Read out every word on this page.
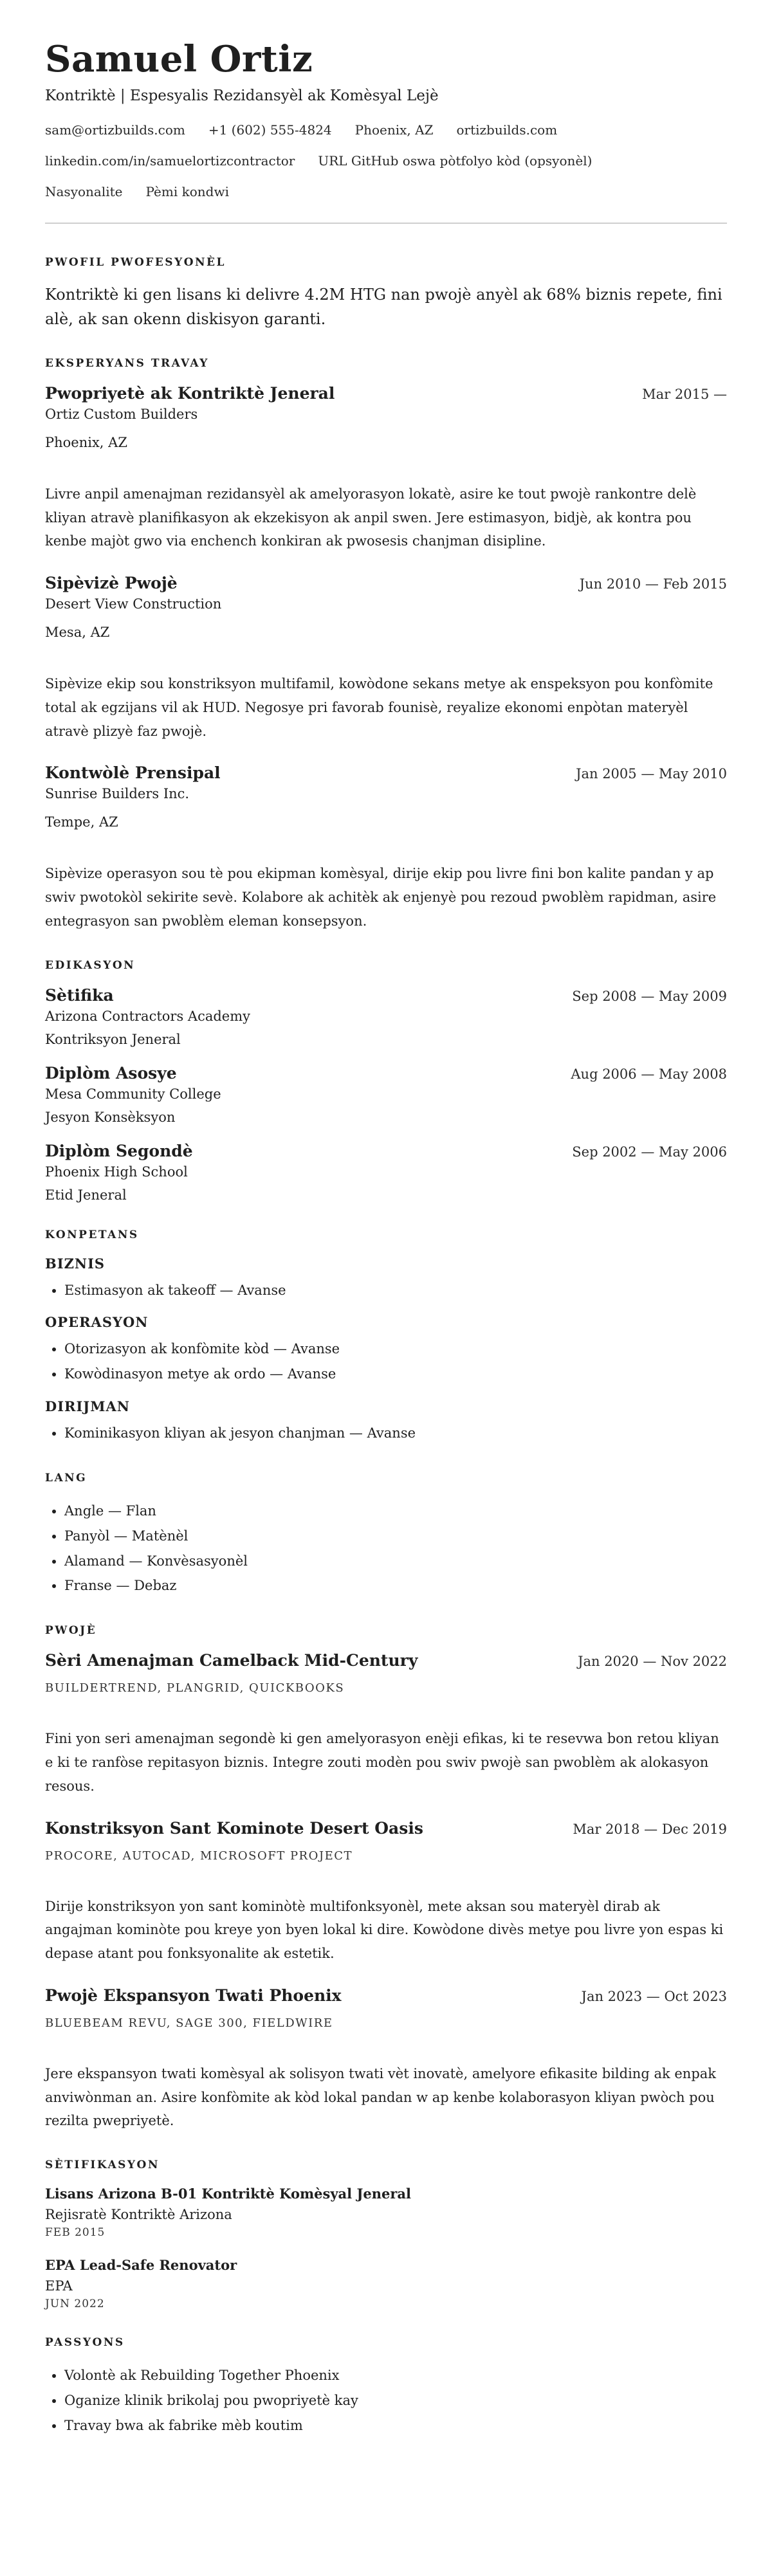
Samuel Ortiz
Kontriktè | Espesyalis Rezidansyèl ak Komèsyal Lejè
sam@ortizbuilds.com +1 (602) 555-4824 Phoenix, AZ ortizbuilds.com
linkedin.com/in/samuelortizcontractor URL GitHub oswa pòtfolyo kòd (opsyonèl)
Nasyonalite Pèmi kondwi
PWOFIL PWOFESYONÈL

Kontriktè ki gen lisans ki delivre 4.2M HTG nan pwojè anyèl ak 68% biznis repete, fini alè, ak san okenn diskisyon garanti.

EKSPERYANS TRAVAY
Pwopriyetè ak Kontriktè Jeneral	Mar 2015 —
Ortiz Custom Builders
Phoenix, AZ

Livre anpil amenajman rezidansyèl ak amelyorasyon lokatè, asire ke tout pwojè rankontre delè kliyan atravè planifikasyon ak ekzekisyon ak anpil swen. Jere estimasyon, bidjè, ak kontra pou kenbe majòt gwo via enchench konkiran ak pwosesis chanjman disipline.

Sipèvizè Pwojè	Jun 2010 — Feb 2015
Desert View Construction
Mesa, AZ

Sipèvize ekip sou konstriksyon multifamil, kowòdone sekans metye ak enspeksyon pou konfòmite total ak egzijans vil ak HUD. Negosye pri favorab founisè, reyalize ekonomi enpòtan materyèl atravè plizyè faz pwojè.

Kontwòlè Prensipal	Jan 2005 — May 2010
Sunrise Builders Inc.
Tempe, AZ

Sipèvize operasyon sou tè pou ekipman komèsyal, dirije ekip pou livre fini bon kalite pandan y ap swiv pwotokòl sekirite sevè. Kolabore ak achitèk ak enjenyè pou rezoud pwoblèm rapidman, asire entegrasyon san pwoblèm eleman konsepsyon.

EDIKASYON
Sètifika	Sep 2008 — May 2009
Arizona Contractors Academy
Kontriksyon Jeneral
Diplòm Asosye	Aug 2006 — May 2008
Mesa Community College
Jesyon Konsèksyon
Diplòm Segondè	Sep 2002 — May 2006
Phoenix High School
Etid Jeneral
KONPETANS
BIZNIS
• Estimasyon ak takeoff — Avanse
OPERASYON
• Otorizasyon ak konfòmite kòd — Avanse
• Kowòdinasyon metye ak ordo — Avanse
DIRIJMAN
• Kominikasyon kliyan ak jesyon chanjman — Avanse
LANG
• Angle — Flan
• Panyòl — Matènèl
• Alamand — Konvèsasyonèl
• Franse — Debaz
PWOJÈ
Sèri Amenajman Camelback Mid-Century	Jan 2020 — Nov 2022
BUILDERTREND, PLANGRID, QUICKBOOKS

Fini yon seri amenajman segondè ki gen amelyorasyon enèji efikas, ki te resevwa bon retou kliyan e ki te ranfòse repitasyon biznis. Integre zouti modèn pou swiv pwojè san pwoblèm ak alokasyon resous.

Konstriksyon Sant Kominote Desert Oasis	Mar 2018 — Dec 2019
PROCORE, AUTOCAD, MICROSOFT PROJECT

Dirije konstriksyon yon sant kominòtè multifonksyonèl, mete aksan sou materyèl dirab ak angajman kominòte pou kreye yon byen lokal ki dire. Kowòdone divès metye pou livre yon espas ki depase atant pou fonksyonalite ak estetik.

Pwojè Ekspansyon Twati Phoenix	Jan 2023 — Oct 2023
BLUEBEAM REVU, SAGE 300, FIELDWIRE

Jere ekspansyon twati komèsyal ak solisyon twati vèt inovatè, amelyore efikasite bilding ak enpak anviwònman an. Asire konfòmite ak kòd lokal pandan w ap kenbe kolaborasyon kliyan pwòch pou rezilta pwepriyetè.

SÈTIFIKASYON
Lisans Arizona B-01 Kontriktè Komèsyal Jeneral
Rejisratè Kontriktè Arizona
FEB 2015
EPA Lead-Safe Renovator
EPA
JUN 2022
PASSYONS
• Volontè ak Rebuilding Together Phoenix
• Oganize klinik brikolaj pou pwopriyetè kay
• Travay bwa ak fabrike mèb koutim
